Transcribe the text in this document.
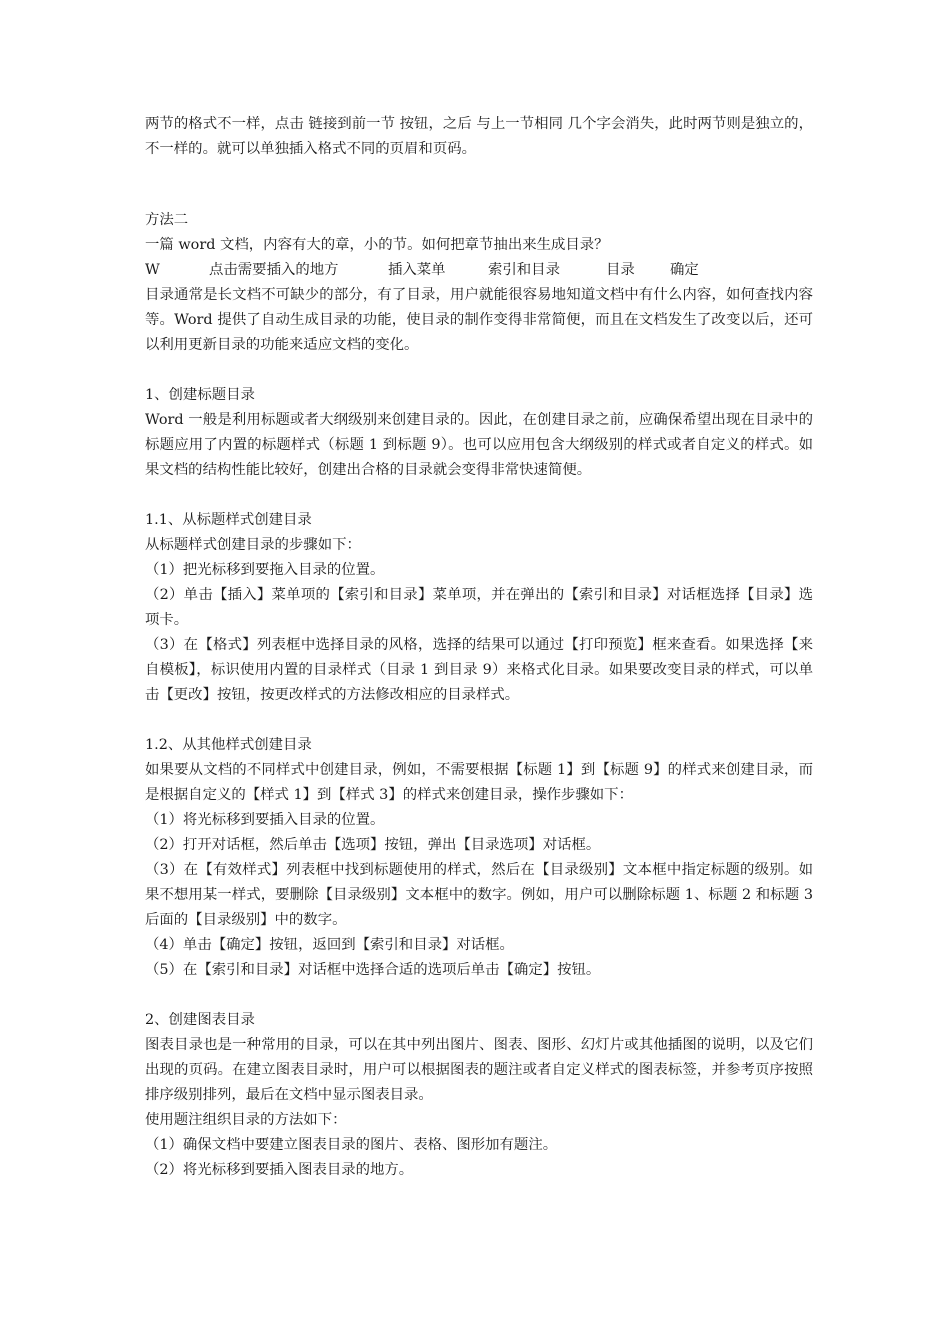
两节的格式不一样，点击 链接到前一节 按钮，之后 与上一节相同 几个字会消失，此时两节则是独立的，不一样的。就可以单独插入格式不同的页眉和页码。

方法二

一篇 word 文档，内容有大的章，小的节。如何把章节抽出来生成目录？

W	点击需要插入的地方	插入菜单	索引和目录	目录	确定

目录通常是长文档不可缺少的部分，有了目录，用户就能很容易地知道文档中有什么内容，如何查找内容等。Word 提供了自动生成目录的功能，使目录的制作变得非常简便，而且在文档发生了改变以后，还可以利用更新目录的功能来适应文档的变化。

1、创建标题目录

Word 一般是利用标题或者大纲级别来创建目录的。因此，在创建目录之前，应确保希望出现在目录中的标题应用了内置的标题样式（标题 1 到标题 9）。也可以应用包含大纲级别的样式或者自定义的样式。如果文档的结构性能比较好，创建出合格的目录就会变得非常快速简便。

1.1、从标题样式创建目录

从标题样式创建目录的步骤如下：

（1）把光标移到要拖入目录的位置。

（2）单击【插入】菜单项的【索引和目录】菜单项，并在弹出的【索引和目录】对话框选择【目录】选项卡。

（3）在【格式】列表框中选择目录的风格，选择的结果可以通过【打印预览】框来查看。如果选择【来自模板】，标识使用内置的目录样式（目录 1 到目录 9）来格式化目录。如果要改变目录的样式，可以单击【更改】按钮，按更改样式的方法修改相应的目录样式。

1.2、从其他样式创建目录

如果要从文档的不同样式中创建目录，例如，不需要根据【标题 1】到【标题 9】的样式来创建目录，而是根据自定义的【样式 1】到【样式 3】的样式来创建目录，操作步骤如下：

（1）将光标移到要插入目录的位置。

（2）打开对话框，然后单击【选项】按钮，弹出【目录选项】对话框。

（3）在【有效样式】列表框中找到标题使用的样式，然后在【目录级别】文本框中指定标题的级别。如果不想用某一样式，要删除【目录级别】文本框中的数字。例如，用户可以删除标题 1、标题 2 和标题 3 后面的【目录级别】中的数字。

（4）单击【确定】按钮，返回到【索引和目录】对话框。

（5）在【索引和目录】对话框中选择合适的选项后单击【确定】按钮。

2、创建图表目录

图表目录也是一种常用的目录，可以在其中列出图片、图表、图形、幻灯片或其他插图的说明，以及它们出现的页码。在建立图表目录时，用户可以根据图表的题注或者自定义样式的图表标签，并参考页序按照排序级别排列，最后在文档中显示图表目录。

使用题注组织目录的方法如下：

（1）确保文档中要建立图表目录的图片、表格、图形加有题注。

（2）将光标移到要插入图表目录的地方。
